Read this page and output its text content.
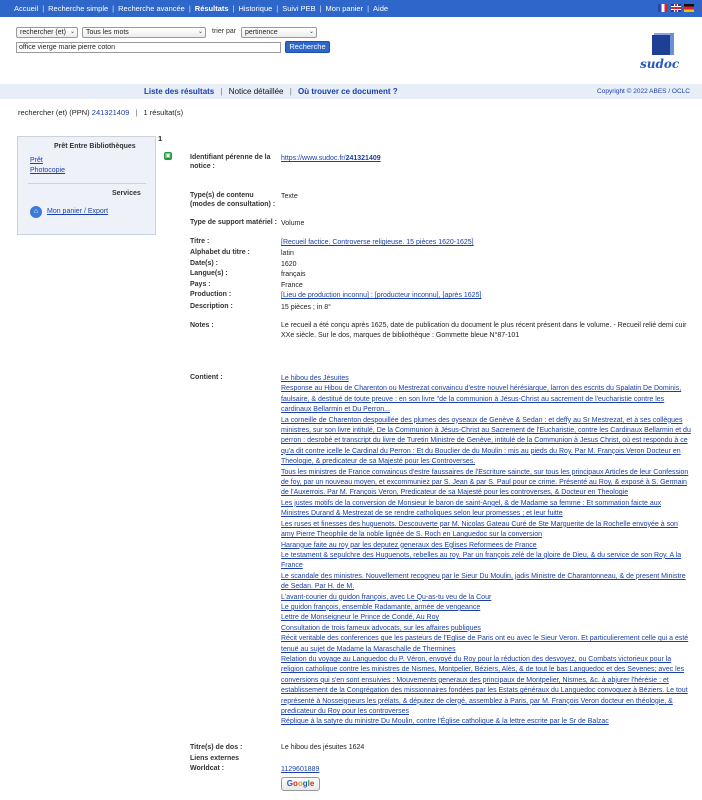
Accueil | Recherche simple | Recherche avancée | Résultats | Historique | Suivi PEB | Mon panier | Aide
rechercher (et) ⌄	Tous les mots	⌄ trier par	pertinence	⌄
office vierge marie pierre coton	Recherche
sudoc
Liste des résultats | Notice détaillée | Où trouver ce document ?	Copyright © 2022 ABES / OCLC
rechercher (et) (PPN) 241321409 | 1 résultat(s)
1
Prêt Entre Bibliothèques
Prêt
Photocopie
Services
⌂	Mon panier / Export
▣	Identifiant pérenne de la notice :
https://www.sudoc.fr/241321409
Type(s) de contenu (modes de consultation) :
Texte
Type de support matériel : Volume
Titre :	[Recueil factice. Controverse religieuse. 15 pièces 1620-1625]
Alphabet du titre :	latin
Date(s) :	1620
Langue(s) :	français
Pays :	France
Production :	[Lieu de production inconnu] : [producteur inconnu], [après 1625]
Description :	15 pièces ; in 8°
Notes :	Le recueil a été conçu après 1625, date de publication du document le plus récent présent dans le volume. - Recueil relié demi cuir XXe siècle. Sur le dos, marques de bibliothèque : Gommette bleue N°87-101
Contient :	Le hibou des Jésuites
Response au Hibou de Charenton ou Mestrezat convaincu d'estre nouvel hérésiarque, larron des escrits du Spalatin De Dominis, faulsaire, & destitué de toute preuve : en son livre "de la communion à Jésus-Christ au sacrement de l'eucharistie contre les cardinaux Bellarmin et Du Perron...
La corneille de Charenton despouillée des plumes des oyseaux de Genève & Sedan : et deffy au Sr Mestrezat, et à ses collègues ministres, sur son livre intitulé, De la Communion à Jésus-Christ au Sacrement de l'Eucharistie, contre les Cardinaux Bellarmin et du perron : desrobé et transcript du livre de Turetin Ministre de Genève, intitulé de la Communion à Jesus Christ, où est respondu à ce qu'a dit contre icelle le Cardinal du Perron : Et du Bouclier de du Moulin : mis au pieds du Roy. Par M. François Veron Docteur en Theologie, & predicateur de sa Majesté pour les Controverses.
Tous les ministres de France convaincus d'estre faussaires de l'Escriture saincte, sur tous les principaux Articles de leur Confession de foy, par un nouveau moyen, et excommuniez par S. Jean & par S. Paul pour ce crime. Présenté au Roy, & exposé à S. Germain de l'Auxerrois. Par M. François Veron, Predicateur de sa Majesté pour les controverses, & Docteur en Theologie
Les justes motifs de la conversion de Monsieur le baron de saint-Angel, & de Madame sa femme : Et sommation faicte aux Ministres Durand & Mestrezat de se rendre catholiques selon leur promesses ; et leur fuitte
Les ruses et finesses des huguenots. Descouverte par M. Nicolas Gateau Curé de Ste Marguerite de la Rochelle envoyée à son amy Pierre Theophile de la noble lignée de S. Roch en Languedoc sur la conversion
Harangue faite au roy par les deputez generaux des Eglises Reformees de France
Le testament & sepulchre des Huguenots, rebelles au roy. Par un françois zelé de la gloire de Dieu, & du service de son Roy. A la France
Le scandale des ministres. Nouvellement recogneu par le Sieur Du Moulin, jadis Ministre de Charantonneau, & de present Ministre de Sedan. Par H. de M.
L'avant-courier du guidon françois, avec Le Qu-as-tu veu de la Cour
Le guidon françois, ensemble Radamante, armée de vengeance
Lettre de Monseigneur le Prince de Condé, Au Roy
Consultation de trois fameux advocats, sur les affaires publiques
Récit veritable des conferences que les pasteurs de l'Eglise de Paris ont eu avec le Sieur Veron. Et particulierement celle qui a esté tenuë au sujet de Madame la Maraschalle de Thermines
Relation du voyage au Languedoc du P. Véron, envoyé du Roy pour la réduction des desvoyez, ou Combats victorieux pour la religion catholique contre les ministres de Nismes, Montpelier, Béziers, Alès, & de tout le bas Languedoc et des Sevenes; avec les conversions qui s'en sont ensuivies : Mouvements generaux des principaux de Montpelier, Nismes, &c. à abjurer l'hérésie : et establissement de la Congrégation des missionnaires fondées par les Estats généraux du Languedoc convoquez à Béziers. Le tout représenté à Nosseigneurs les prélats, & députez de clergé, assemblez à Paris, par M. François Veron docteur en théologie, & predicateur du Roy pour les controverses
Réplique à la satyre du ministre Du Moulin, contre l'Église catholique & la lettre escrite par le Sr de Balzac
Titre(s) de dos :	Le hibou des jésuites 1624
Liens externes
Worldcat :	1129601889
Google
